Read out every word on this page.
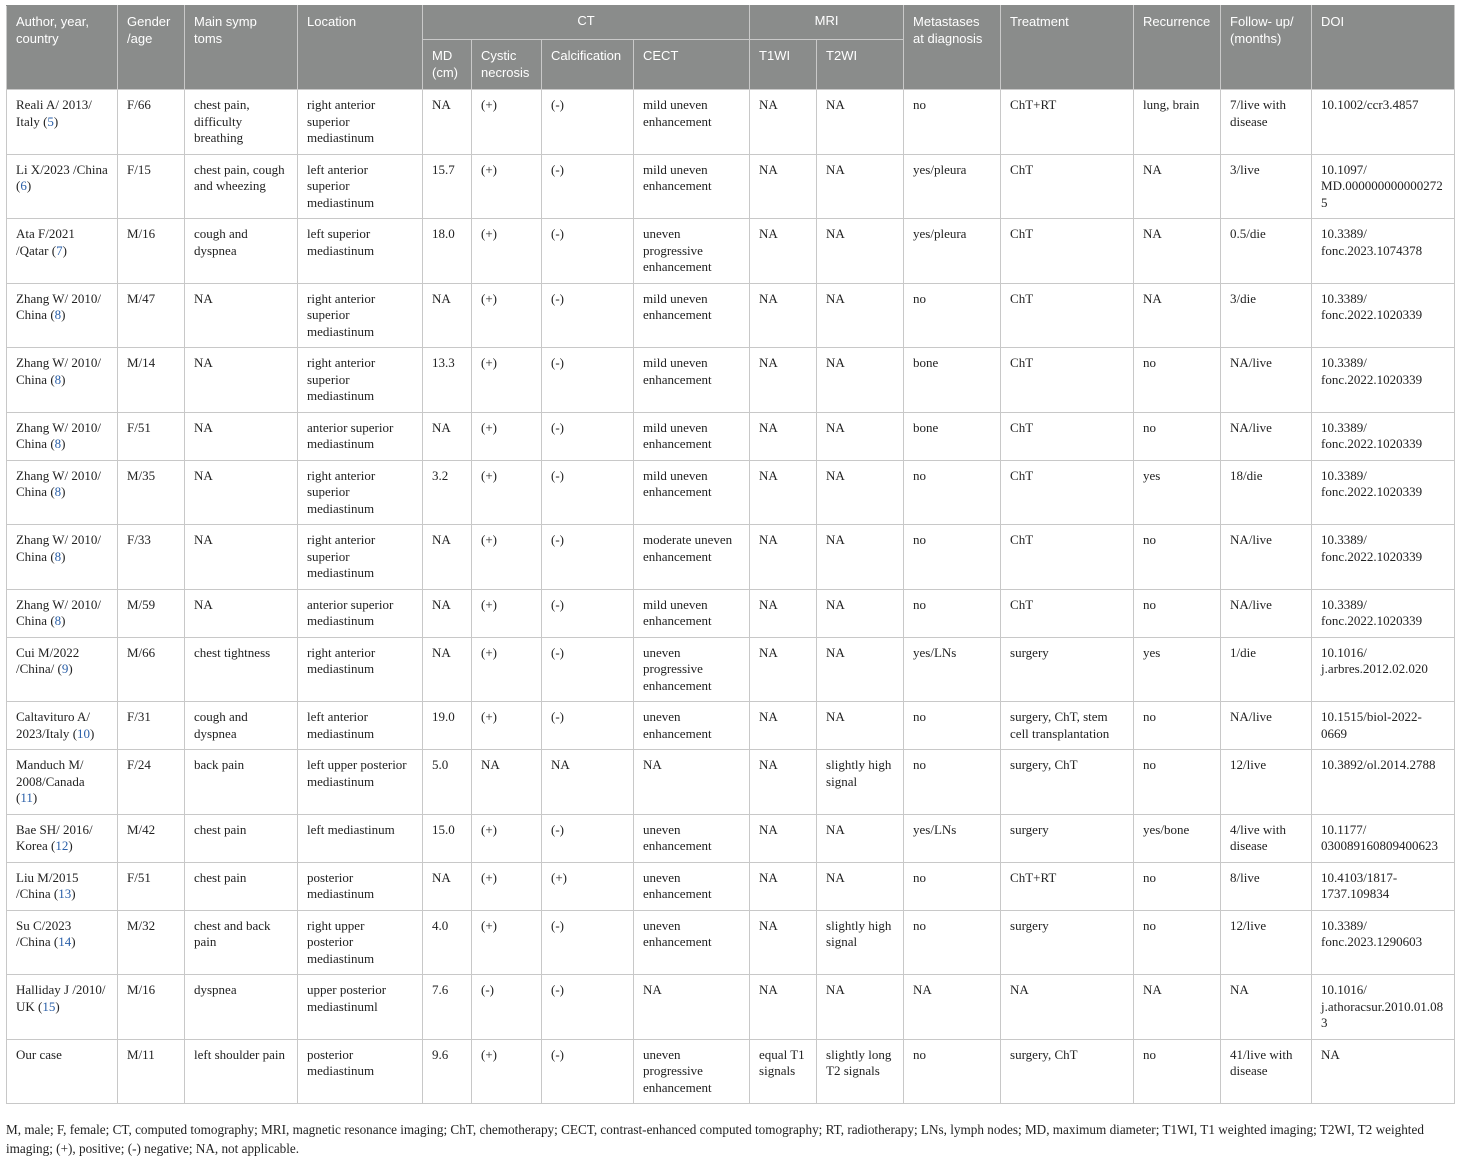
Author, year, country	Gender /age	Main symp toms	Location	CT				MRI		Metastases at diagnosis	Treatment	Recurrence	Follow- up/ (months)	DOI
				MD (cm)	Cystic necrosis	Calcification	CECT	T1WI	T2WI					
Reali A/ 2013/ Italy (5)	F/66	chest pain, difficulty breathing	right anterior superior mediastinum	NA	(+)	(-)	mild uneven enhancement	NA	NA	no	ChT+RT	lung, brain	7/live with disease	10.1002/ccr3.4857
Li X/2023 /China (6)	F/15	chest pain, cough and wheezing	left anterior superior mediastinum	15.7	(+)	(-)	mild uneven enhancement	NA	NA	yes/pleura	ChT	NA	3/live	10.1097/ MD.0000000000002725
Ata F/2021 /Qatar (7)	M/16	cough and dyspnea	left superior mediastinum	18.0	(+)	(-)	uneven progressive enhancement	NA	NA	yes/pleura	ChT	NA	0.5/die	10.3389/ fonc.2023.1074378
Zhang W/ 2010/ China (8)	M/47	NA	right anterior superior mediastinum	NA	(+)	(-)	mild uneven enhancement	NA	NA	no	ChT	NA	3/die	10.3389/ fonc.2022.1020339
Zhang W/ 2010/ China (8)	M/14	NA	right anterior superior mediastinum	13.3	(+)	(-)	mild uneven enhancement	NA	NA	bone	ChT	no	NA/live	10.3389/ fonc.2022.1020339
Zhang W/ 2010/ China (8)	F/51	NA	anterior superior mediastinum	NA	(+)	(-)	mild uneven enhancement	NA	NA	bone	ChT	no	NA/live	10.3389/ fonc.2022.1020339
Zhang W/ 2010/ China (8)	M/35	NA	right anterior superior mediastinum	3.2	(+)	(-)	mild uneven enhancement	NA	NA	no	ChT	yes	18/die	10.3389/ fonc.2022.1020339
Zhang W/ 2010/ China (8)	F/33	NA	right anterior superior mediastinum	NA	(+)	(-)	moderate uneven enhancement	NA	NA	no	ChT	no	NA/live	10.3389/ fonc.2022.1020339
Zhang W/ 2010/ China (8)	M/59	NA	anterior superior mediastinum	NA	(+)	(-)	mild uneven enhancement	NA	NA	no	ChT	no	NA/live	10.3389/ fonc.2022.1020339
Cui M/2022 /China/ (9)	M/66	chest tightness	right anterior mediastinum	NA	(+)	(-)	uneven progressive enhancement	NA	NA	yes/LNs	surgery	yes	1/die	10.1016/ j.arbres.2012.02.020
Caltavituro A/ 2023/Italy (10)	F/31	cough and dyspnea	left anterior mediastinum	19.0	(+)	(-)	uneven enhancement	NA	NA	no	surgery, ChT, stem cell transplantation	no	NA/live	10.1515/biol-2022-0669
Manduch M/ 2008/Canada (11)	F/24	back pain	left upper posterior mediastinum	5.0	NA	NA	NA	NA	slightly high signal	no	surgery, ChT	no	12/live	10.3892/ol.2014.2788
Bae SH/ 2016/ Korea (12)	M/42	chest pain	left mediastinum	15.0	(+)	(-)	uneven enhancement	NA	NA	yes/LNs	surgery	yes/bone	4/live with disease	10.1177/ 030089160809400623
Liu M/2015 /China (13)	F/51	chest pain	posterior mediastinum	NA	(+)	(+)	uneven enhancement	NA	NA	no	ChT+RT	no	8/live	10.4103/1817- 1737.109834
Su C/2023 /China (14)	M/32	chest and back pain	right upper posterior mediastinum	4.0	(+)	(-)	uneven enhancement	NA	slightly high signal	no	surgery	no	12/live	10.3389/ fonc.2023.1290603
Halliday J /2010/ UK (15)	M/16	dyspnea	upper posterior mediastinuml	7.6	(-)	(-)	NA	NA	NA	NA	NA	NA	NA	10.1016/ j.athoracsur.2010.01.083
Our case	M/11	left shoulder pain	posterior mediastinum	9.6	(+)	(-)	uneven progressive enhancement	equal T1 signals	slightly long T2 signals	no	surgery, ChT	no	41/live with disease	NA
M, male; F, female; CT, computed tomography; MRI, magnetic resonance imaging; ChT, chemotherapy; CECT, contrast-enhanced computed tomography; RT, radiotherapy; LNs, lymph nodes; MD, maximum diameter; T1WI, T1 weighted imaging; T2WI, T2 weighted imaging; (+), positive; (-) negative; NA, not applicable.
